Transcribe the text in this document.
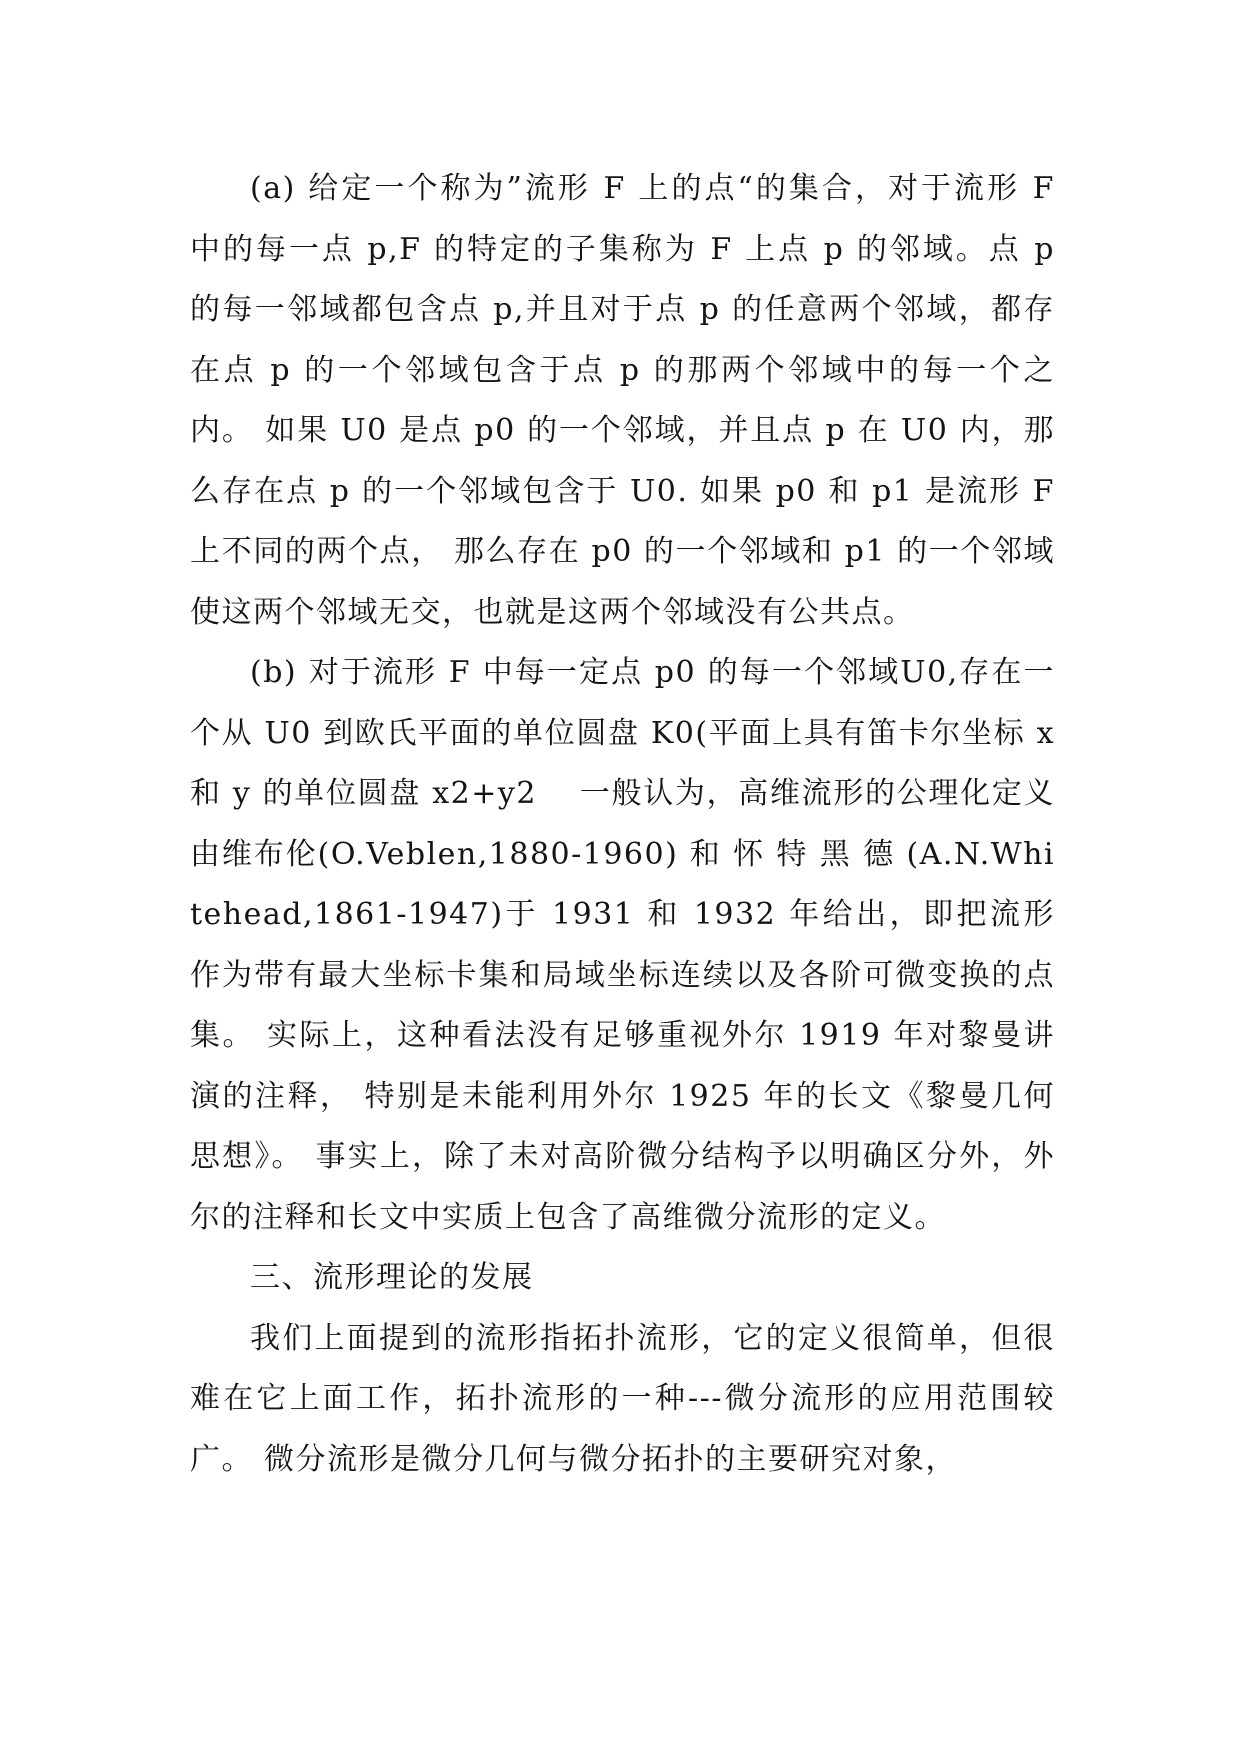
(a) 给定一个称为”流形 F 上的点“的集合，对于流形 F 中的每一点 p,F 的特定的子集称为 F 上点 p 的邻域。点 p 的每一邻域都包含点 p,并且对于点 p 的任意两个邻域，都存在点 p 的一个邻域包含于点 p 的那两个邻域中的每一个之内。 如果 U0 是点 p0 的一个邻域，并且点 p 在 U0 内，那么存在点 p 的一个邻域包含于 U0. 如果 p0 和 p1 是流形 F 上不同的两个点， 那么存在 p0 的一个邻域和 p1 的一个邻域使这两个邻域无交，也就是这两个邻域没有公共点。

(b) 对于流形 F 中每一定点 p0 的每一个邻域U0,存在一个从 U0 到欧氏平面的单位圆盘 K0(平面上具有笛卡尔坐标 x 和 y 的单位圆盘 x2+y2 　一般认为，高维流形的公理化定义由维布伦(O.Veblen,1880-1960) 和 怀 特 黑 德 (A.N.Whitehead,1861-1947)于 1931 和 1932 年给出，即把流形作为带有最大坐标卡集和局域坐标连续以及各阶可微变换的点集。 实际上，这种看法没有足够重视外尔 1919 年对黎曼讲演的注释， 特别是未能利用外尔 1925 年的长文《黎曼几何思想》。 事实上，除了未对高阶微分结构予以明确区分外，外尔的注释和长文中实质上包含了高维微分流形的定义。

三、流形理论的发展

我们上面提到的流形指拓扑流形，它的定义很简单，但很难在它上面工作，拓扑流形的一种---微分流形的应用范围较广。 微分流形是微分几何与微分拓扑的主要研究对象，
